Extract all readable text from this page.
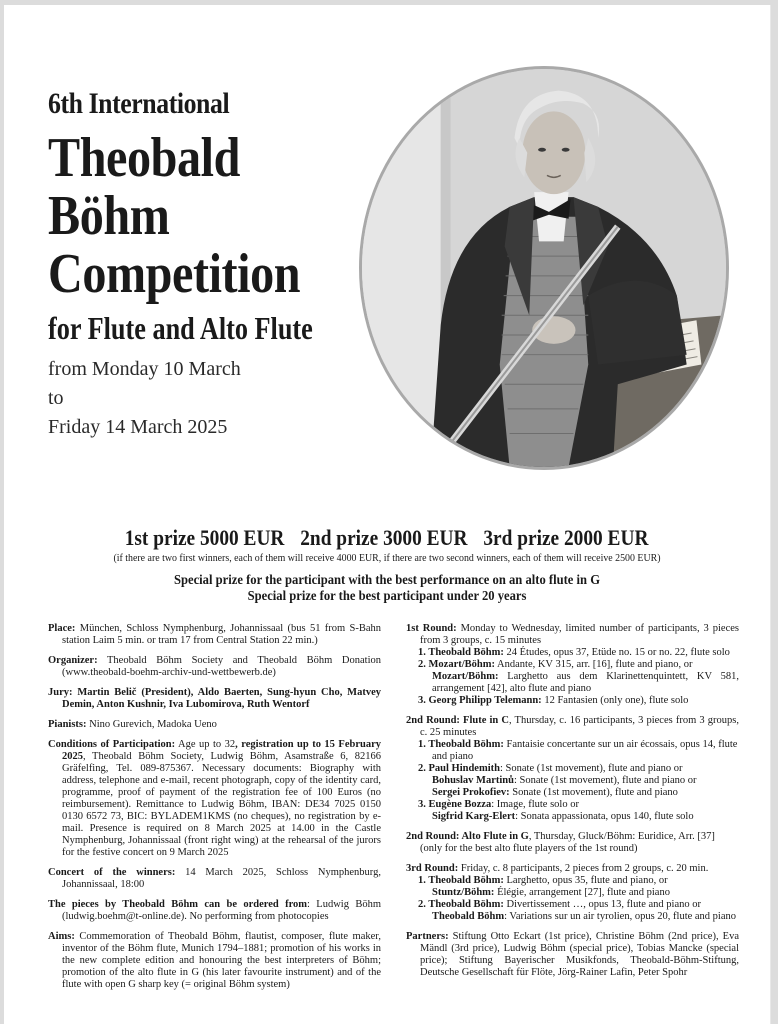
6th International
Theobald
Böhm
Competition
for Flute and Alto Flute
from Monday 10 March
to
Friday 14 March 2025
1st prize 5000 EUR 2nd prize 3000 EUR 3rd prize 2000 EUR
(if there are two first winners, each of them will receive 4000 EUR, if there are two second winners, each of them will receive 2500 EUR)
Special prize for the participant with the best performance on an alto flute in G
Special prize for the best participant under 20 years
Place: München, Schloss Nymphenburg, Johannissaal (bus 51 from S-Bahn station Laim 5 min. or tram 17 from Central Station 22 min.)
Organizer: Theobald Böhm Society and Theobald Böhm Donation (www.theobald-boehm-archiv-und-wettbewerb.de)
Jury: Martin Belič (President), Aldo Baerten, Sung-hyun Cho, Matvey Demin, Anton Kushnir, Iva Lubomirova, Ruth Wentorf
Pianists: Nino Gurevich, Madoka Ueno
Conditions of Participation: Age up to 32, registration up to 15 February 2025, Theobald Böhm Society, Ludwig Böhm, Asamstraße 6, 82166 Gräfelfing, Tel. 089-875367. Necessary documents: Biography with address, telephone and e-mail, recent photograph, copy of the identity card, programme, proof of payment of the registration fee of 100 Euros (no reimbursement). Remittance to Ludwig Böhm, IBAN: DE34 7025 0150 0130 6572 73, BIC: BYLADEM1KMS (no cheques), no registration by e-mail. Presence is required on 8 March 2025 at 14.00 in the Castle Nymphenburg, Johannissaal (front right wing) at the rehearsal of the jurors for the festive concert on 9 March 2025
Concert of the winners: 14 March 2025, Schloss Nymphenburg, Johannissaal, 18:00
The pieces by Theobald Böhm can be ordered from: Ludwig Böhm (ludwig.boehm@t-online.de). No performing from photocopies
Aims: Commemoration of Theobald Böhm, flautist, composer, flute maker, inventor of the Böhm flute, Munich 1794–1881; promotion of his works in the new complete edition and honouring the best interpreters of Böhm; promotion of the alto flute in G (his later favourite instrument) and of the flute with open G sharp key (= original Böhm system)
1st Round: Monday to Wednesday, limited number of participants, 3 pieces from 3 groups, c. 15 minutes
1. Theobald Böhm: 24 Études, opus 37, Etüde no. 15 or no. 22, flute solo
2. Mozart/Böhm: Andante, KV 315, arr. [16], flute and piano, or
Mozart/Böhm: Larghetto aus dem Klarinettenquintett, KV 581, arrangement [42], alto flute and piano
3. Georg Philipp Telemann: 12 Fantasien (only one), flute solo
2nd Round: Flute in C, Thursday, c. 16 participants, 3 pieces from 3 groups, c. 25 minutes
1. Theobald Böhm: Fantaisie concertante sur un air écossais, opus 14, flute and piano
2. Paul Hindemith: Sonate (1st movement), flute and piano or
Bohuslav Martinů: Sonate (1st movement), flute and piano or
Sergei Prokofiev: Sonate (1st movement), flute and piano
3. Eugène Bozza: Image, flute solo or
Sigfrid Karg-Elert: Sonata appassionata, opus 140, flute solo
2nd Round: Alto Flute in G, Thursday, Gluck/Böhm: Euridice, Arr. [37]
(only for the best alto flute players of the 1st round)
3rd Round: Friday, c. 8 participants, 2 pieces from 2 groups, c. 20 min.
1. Theobald Böhm: Larghetto, opus 35, flute and piano, or
Stuntz/Böhm: Élégie, arrangement [27], flute and piano
2. Theobald Böhm: Divertissement …, opus 13, flute and piano or
Theobald Böhm: Variations sur un air tyrolien, opus 20, flute and piano
Partners: Stiftung Otto Eckart (1st price), Christine Böhm (2nd price), Eva Mändl (3rd price), Ludwig Böhm (special price), Tobias Mancke (special price); Stiftung Bayerischer Musikfonds, Theobald-Böhm-Stiftung, Deutsche Gesellschaft für Flöte, Jörg-Rainer Lafin, Peter Spohr
